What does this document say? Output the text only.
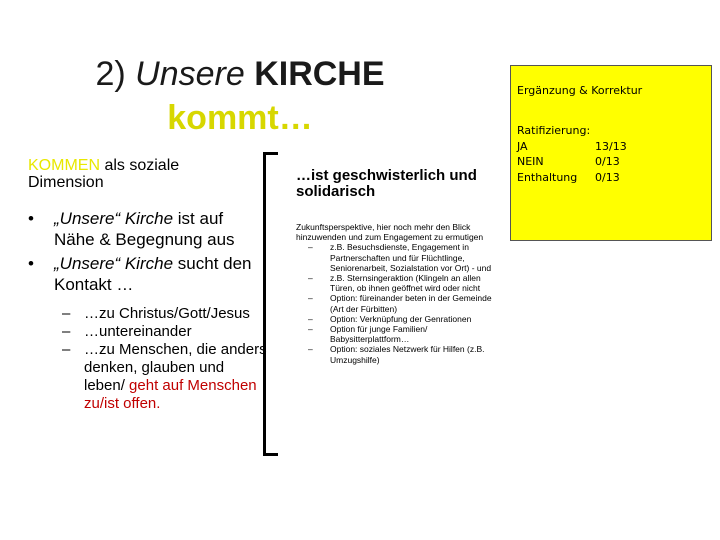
2) Unsere KIRCHE
kommt…
KOMMEN als soziale
Dimension
• „Unsere“ Kirche ist auf Nähe & Begegnung aus
• „Unsere“ Kirche sucht den Kontakt …
– …zu Christus/Gott/Jesus
– …untereinander
– …zu Menschen, die anders denken, glauben und leben/ geht auf Menschen zu/ist offen.
…ist geschwisterlich und solidarisch
Zukunftsperspektive, hier noch mehr den Blick hinzuwenden und zum Engagement zu ermutigen
– z.B. Besuchsdienste, Engagement in Partnerschaften und für Flüchtlinge, Seniorenarbeit, Sozialstation vor Ort) - und
– z.B. Sternsingeraktion (Klingeln an allen Türen, ob ihnen geöffnet wird oder nicht
– Option: füreinander beten in der Gemeinde (Art der Fürbitten)
– Option: Verknüpfung der Genrationen
– Option für junge Familien/ Babysitterplattform…
– Option: soziales Netzwerk für Hilfen (z.B. Umzugshilfe)
Ergänzung & Korrektur
Ratifizierung:
JA	13/13
NEIN	0/13
Enthaltung	0/13
